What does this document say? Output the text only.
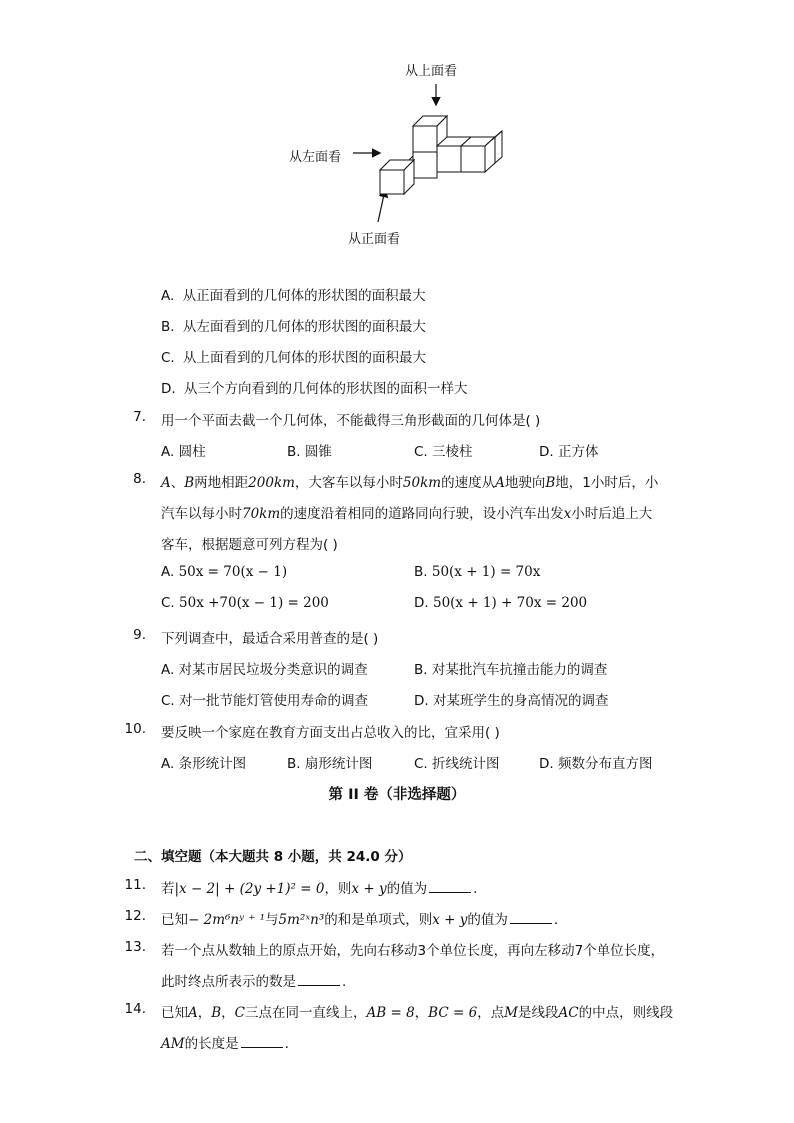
从上面看
从左面看
从正面看
A. 从正面看到的几何体的形状图的面积最大
B. 从左面看到的几何体的形状图的面积最大
C. 从上面看到的几何体的形状图的面积最大
D. 从三个方向看到的几何体的形状图的面积一样大
7. 用一个平面去截一个几何体，不能截得三角形截面的几何体是( )
A. 圆柱	B. 圆锥	C. 三棱柱	D. 正方体
8. A、B两地相距200km，大客车以每小时50km的速度从A地驶向B地，1小时后，小
汽车以每小时70km的速度沿着相同的道路同向行驶，设小汽车出发x小时后追上大
客车，根据题意可列方程为( )
A. 50x = 70(x − 1)	B. 50(x + 1) = 70x
C. 50x +70(x − 1) = 200	D. 50(x + 1) + 70x = 200
9. 下列调查中，最适合采用普查的是( )
A. 对某市居民垃圾分类意识的调查	B. 对某批汽车抗撞击能力的调查
C. 对一批节能灯管使用寿命的调查	D. 对某班学生的身高情况的调查
10. 要反映一个家庭在教育方面支出占总收入的比，宜采用( )
A. 条形统计图	B. 扇形统计图	C. 折线统计图	D. 频数分布直方图
第 II 卷（非选择题）
二、填空题（本大题共 8 小题，共 24.0 分）
11. 若|x − 2| + (2y +1)² = 0，则x + y的值为	.
12. 已知− 2m⁶nʸ ⁺ ¹与5m²ˣn³的和是单项式，则x + y的值为	.
13. 若一个点从数轴上的原点开始，先向右移动3个单位长度，再向左移动7个单位长度，
此时终点所表示的数是	.
14. 已知A，B，C三点在同一直线上，AB = 8，BC = 6，点M是线段AC的中点，则线段
AM的长度是	.
